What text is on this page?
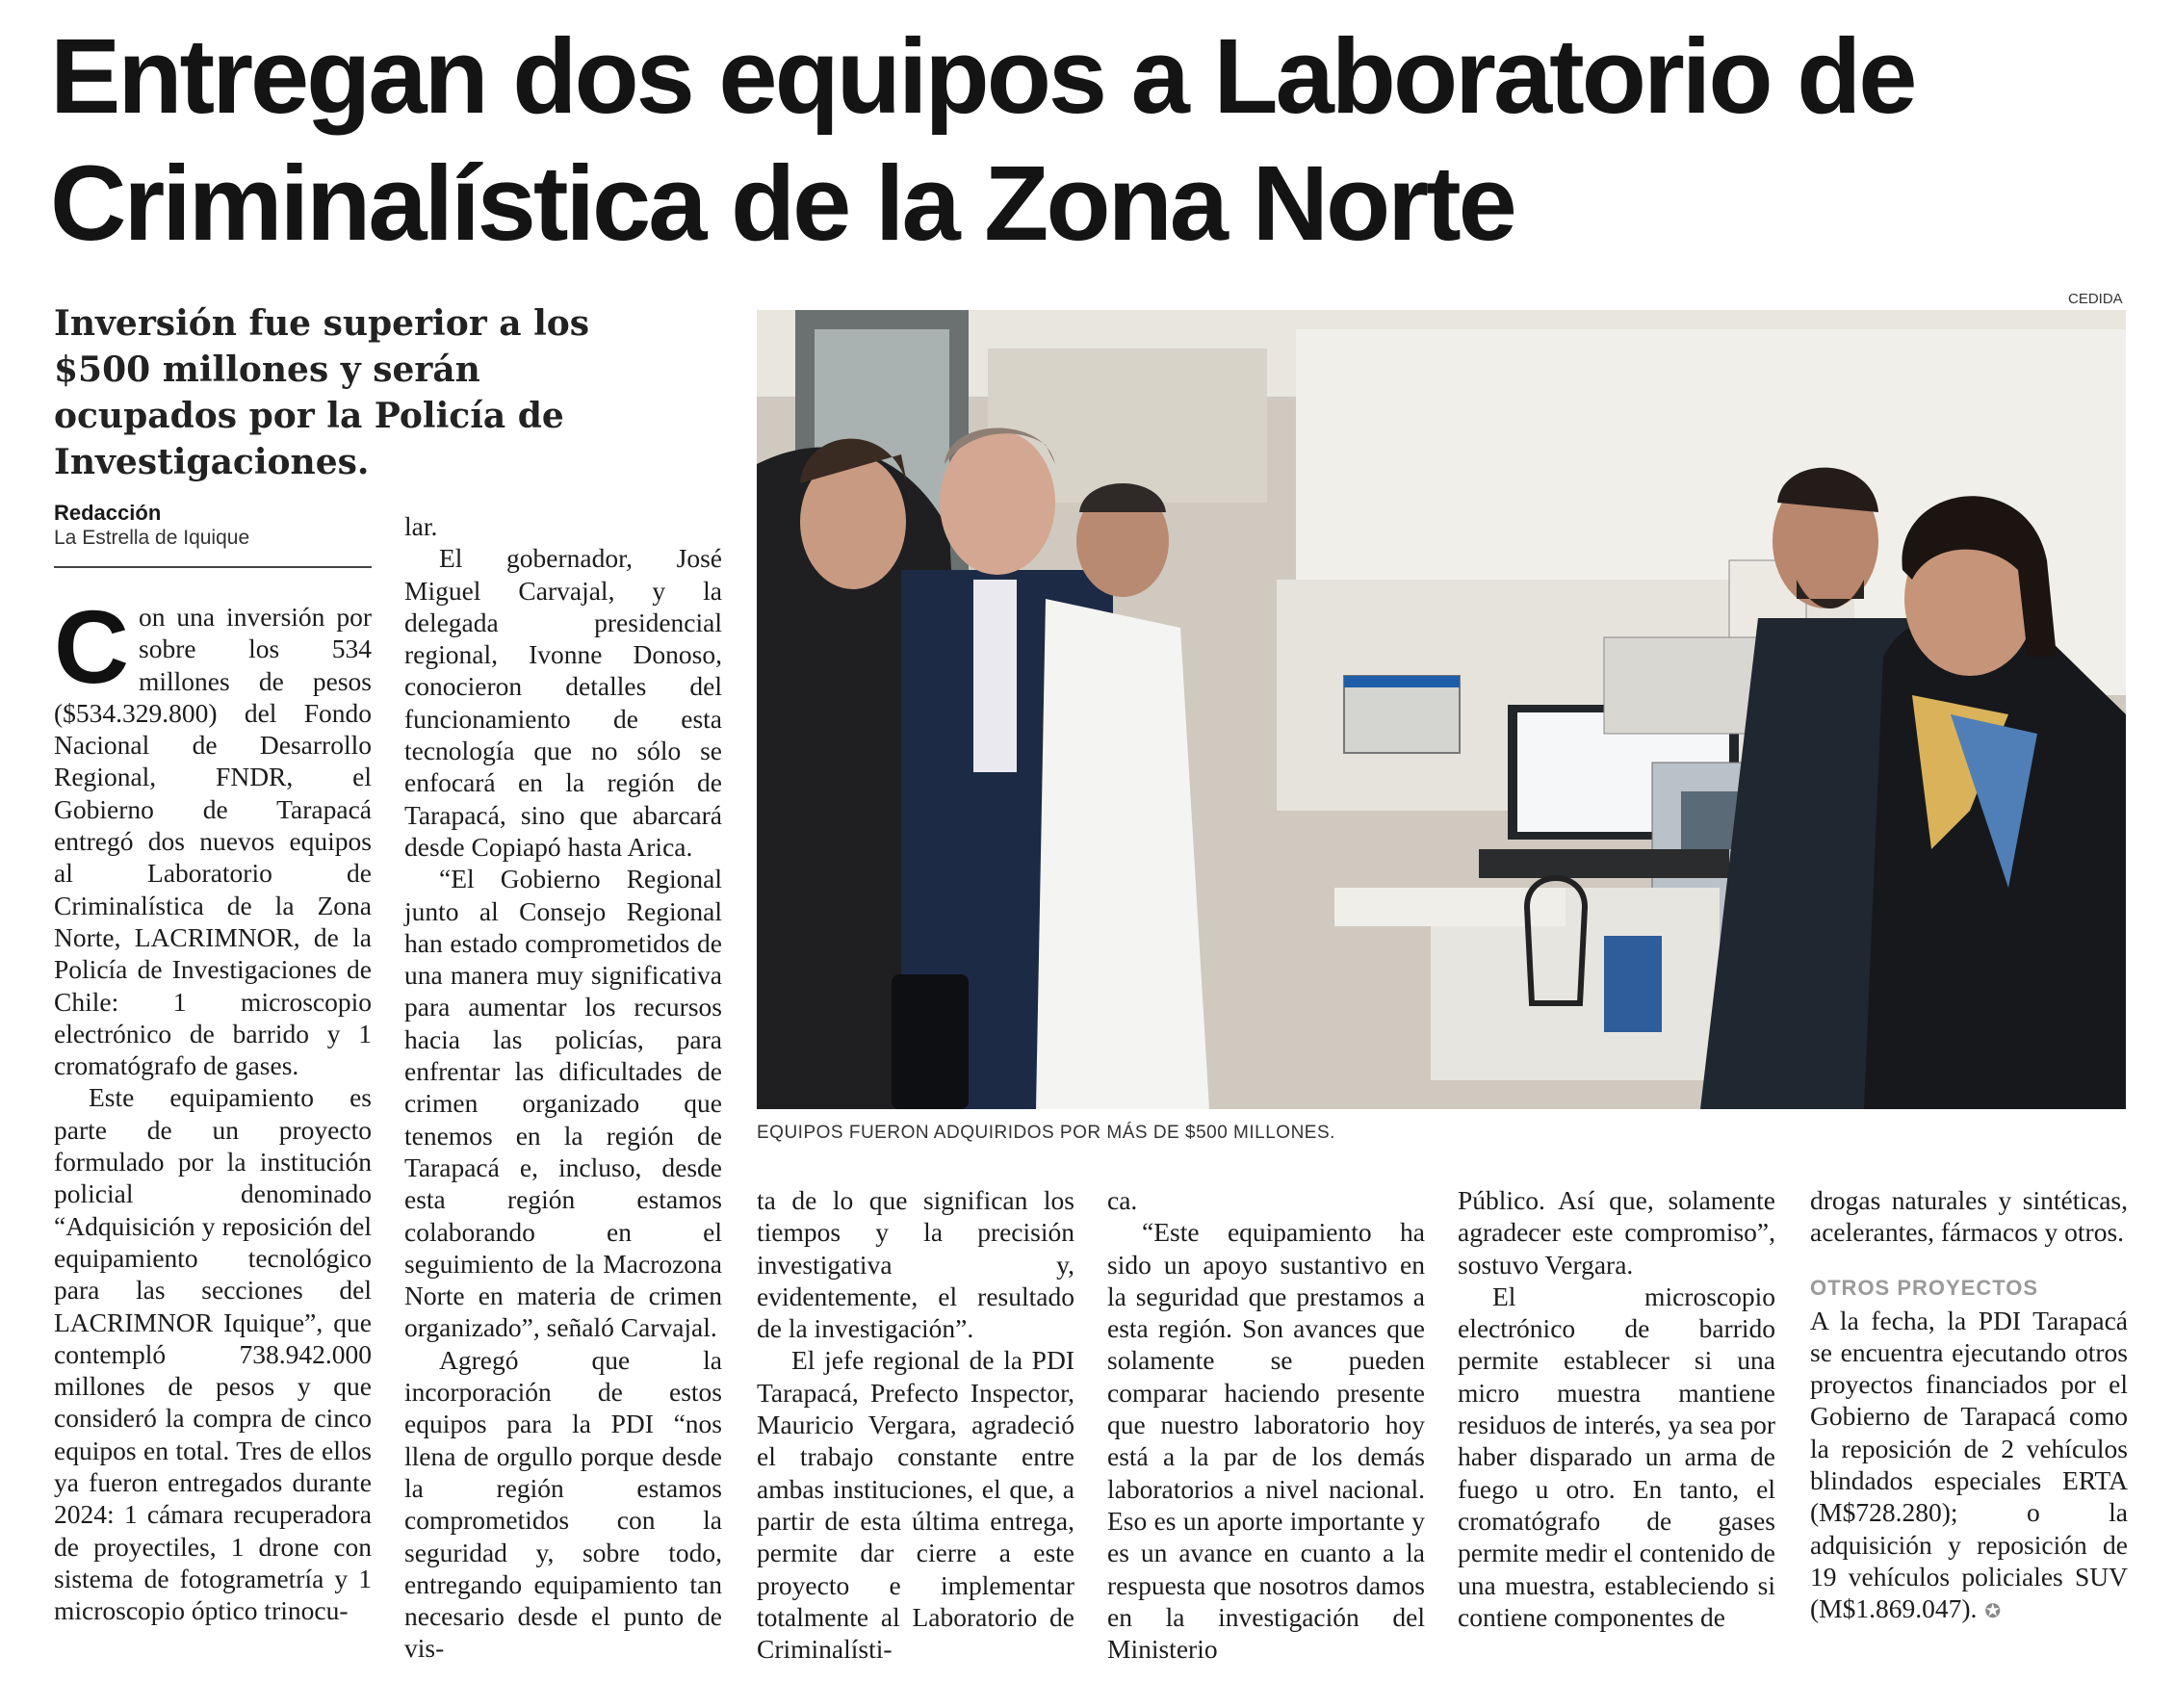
Entregan dos equipos a Laboratorio de Criminalística de la Zona Norte
Inversión fue superior a los $500 millones y serán ocupados por la Policía de Investigaciones.
CEDIDA
EQUIPOS FUERON ADQUIRIDOS POR MÁS DE $500 MILLONES.
Redacción
La Estrella de Iquique
C on una inversión por sobre los 534 millones de pesos ($534.329.800) del Fondo Nacional de Desarrollo Regional, FNDR, el Gobierno de Tarapacá entregó dos nuevos equipos al Laboratorio de Criminalística de la Zona Norte, LACRIMNOR, de la Policía de Investigaciones de Chile: 1 microscopio electrónico de barrido y 1 cromatógrafo de gases.

Este equipamiento es parte de un proyecto formulado por la institución policial denominado “Adquisición y reposición del equipamiento tecnológico para las secciones del LACRIMNOR Iquique”, que contempló 738.942.000 millones de pesos y que consideró la compra de cinco equipos en total. Tres de ellos ya fueron entregados durante 2024: 1 cámara recuperadora de proyectiles, 1 drone con sistema de fotogrametría y 1 microscopio óptico trinocu-

lar.

El gobernador, José Miguel Carvajal, y la delegada presidencial regional, Ivonne Donoso, conocieron detalles del funcionamiento de esta tecnología que no sólo se enfocará en la región de Tarapacá, sino que abarcará desde Copiapó hasta Arica.

“El Gobierno Regional junto al Consejo Regional han estado comprometidos de una manera muy significativa para aumentar los recursos hacia las policías, para enfrentar las dificultades de crimen organizado que tenemos en la región de Tarapacá e, incluso, desde esta región estamos colaborando en el seguimiento de la Macrozona Norte en materia de crimen organizado”, señaló Carvajal.

Agregó que la incorporación de estos equipos para la PDI “nos llena de orgullo porque desde la región estamos comprometidos con la seguridad y, sobre todo, entregando equipamiento tan necesario desde el punto de vis-

ta de lo que significan los tiempos y la precisión investigativa y, evidentemente, el resultado de la investigación”.

El jefe regional de la PDI Tarapacá, Prefecto Inspector, Mauricio Vergara, agradeció el trabajo constante entre ambas instituciones, el que, a partir de esta última entrega, permite dar cierre a este proyecto e implementar totalmente al Laboratorio de Criminalísti-

ca.

“Este equipamiento ha sido un apoyo sustantivo en la seguridad que prestamos a esta región. Son avances que solamente se pueden comparar haciendo presente que nuestro laboratorio hoy está a la par de los demás laboratorios a nivel nacional. Eso es un aporte importante y es un avance en cuanto a la respuesta que nosotros damos en la investigación del Ministerio

Público. Así que, solamente agradecer este compromiso”, sostuvo Vergara.

El microscopio electrónico de barrido permite establecer si una micro muestra mantiene residuos de interés, ya sea por haber disparado un arma de fuego u otro. En tanto, el cromatógrafo de gases permite medir el contenido de una muestra, estableciendo si contiene componentes de

drogas naturales y sintéticas, acelerantes, fármacos y otros.

OTROS PROYECTOS

A la fecha, la PDI Tarapacá se encuentra ejecutando otros proyectos financiados por el Gobierno de Tarapacá como la reposición de 2 vehículos blindados especiales ERTA (M$728.280); o la adquisición y reposición de 19 vehículos policiales SUV (M$1.869.047). ✪
